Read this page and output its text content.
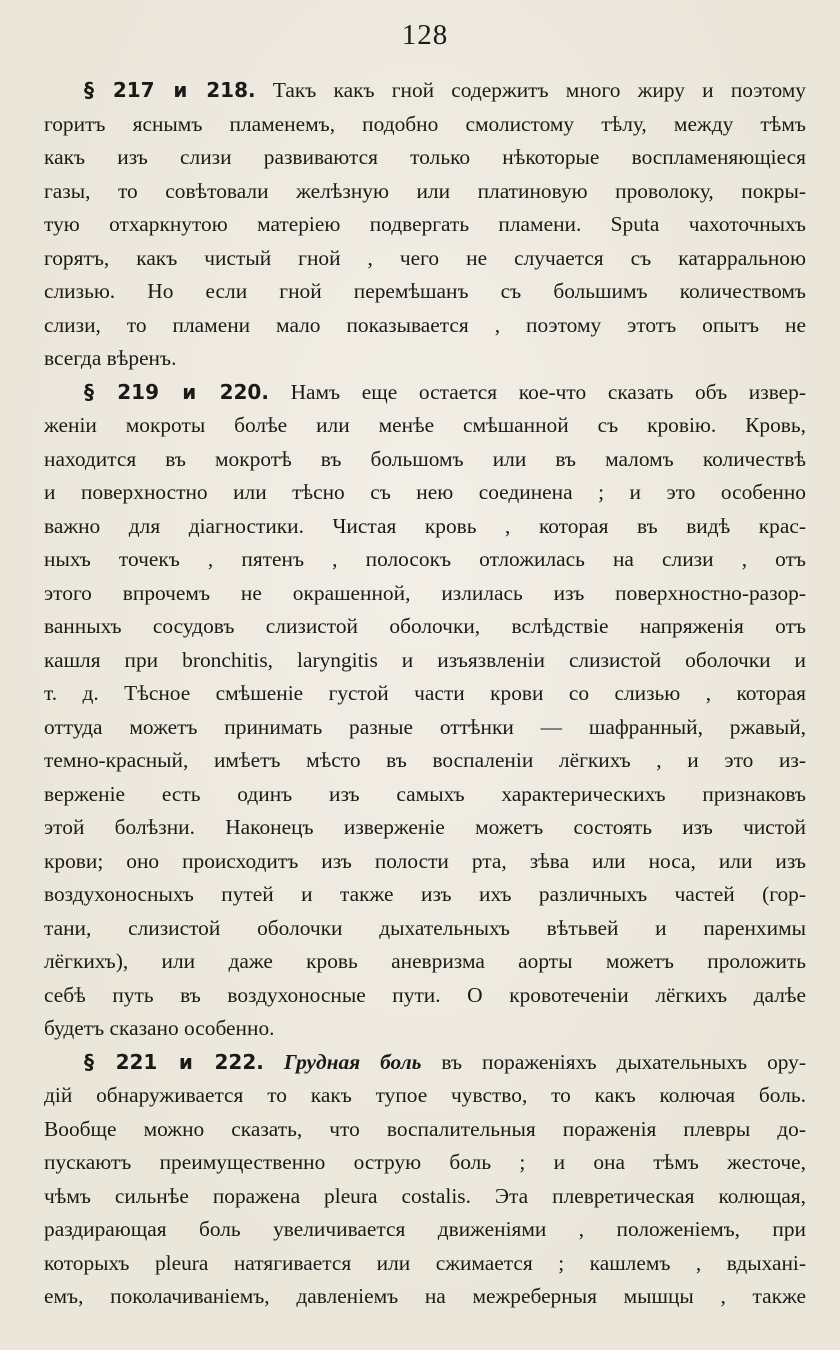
128
§ 217 и 218. Такъ какъ гной содержитъ много жиру и поэтому
горитъ яснымъ пламенемъ, подобно смолистому тѣлу, между тѣмъ
какъ изъ слизи развиваются только нѣкоторые воспламеняющiеся
газы, то совѣтовали желѣзную или платиновую проволоку, покры-
тую отхаркнутою матерiею подвергать пламени. Sputa чахоточныхъ
горятъ, какъ чистый гной , чего не случается съ катарральною
слизью. Но если гной перемѣшанъ съ большимъ количествомъ
слизи, то пламени мало показывается , поэтому этотъ опытъ не
всегда вѣренъ.
§ 219 и 220. Намъ еще остается кое-что сказать объ извер-
женiи мокроты болѣе или менѣе смѣшанной съ кровiю. Кровь,
находится въ мокротѣ въ большомъ или въ маломъ количествѣ
и поверхностно или тѣсно съ нею соединена ; и это особенно
важно для дiагностики. Чистая кровь , которая въ видѣ крас-
ныхъ точекъ , пятенъ , полосокъ отложилась на слизи , отъ
этого впрочемъ не окрашенной, излилась изъ поверхностно-разор-
ванныхъ сосудовъ слизистой оболочки, вслѣдствiе напряженiя отъ
кашля при bronchitis, laryngitis и изъязвленiи слизистой оболочки и
т. д. Тѣсное смѣшенiе густой части крови со слизью , которая
оттуда можетъ принимать разные оттѣнки — шафранный, ржавый,
темно-красный, имѣетъ мѣсто въ воспаленiи лёгкихъ , и это из-
верженiе есть одинъ изъ самыхъ характерическихъ признаковъ
этой болѣзни. Наконецъ изверженiе можетъ состоять изъ чистой
крови; оно происходитъ изъ полости рта, зѣва или носа, или изъ
воздухоносныхъ путей и также изъ ихъ различныхъ частей (гор-
тани, слизистой оболочки дыхательныхъ вѣтьвей и паренхимы
лёгкихъ), или даже кровь аневризма аорты можетъ проложить
себѣ путь въ воздухоносные пути. О кровотеченiи лёгкихъ далѣе
будетъ сказано особенно.
§ 221 и 222. Грудная боль въ пораженiяхъ дыхательныхъ ору-
дiй обнаруживается то какъ тупое чувство, то какъ колючая боль.
Вообще можно сказать, что воспалительныя пораженiя плевры до-
пускаютъ преимущественно острую боль ; и она тѣмъ жесточе,
чѣмъ сильнѣе поражена pleura costalis. Эта плевретическая колющая,
раздирающая боль увеличивается движенiями , положенiемъ, при
которыхъ pleura натягивается или сжимается ; кашлемъ , вдыханi-
емъ, поколачиванiемъ, давленiемъ на межреберныя мышцы , также
